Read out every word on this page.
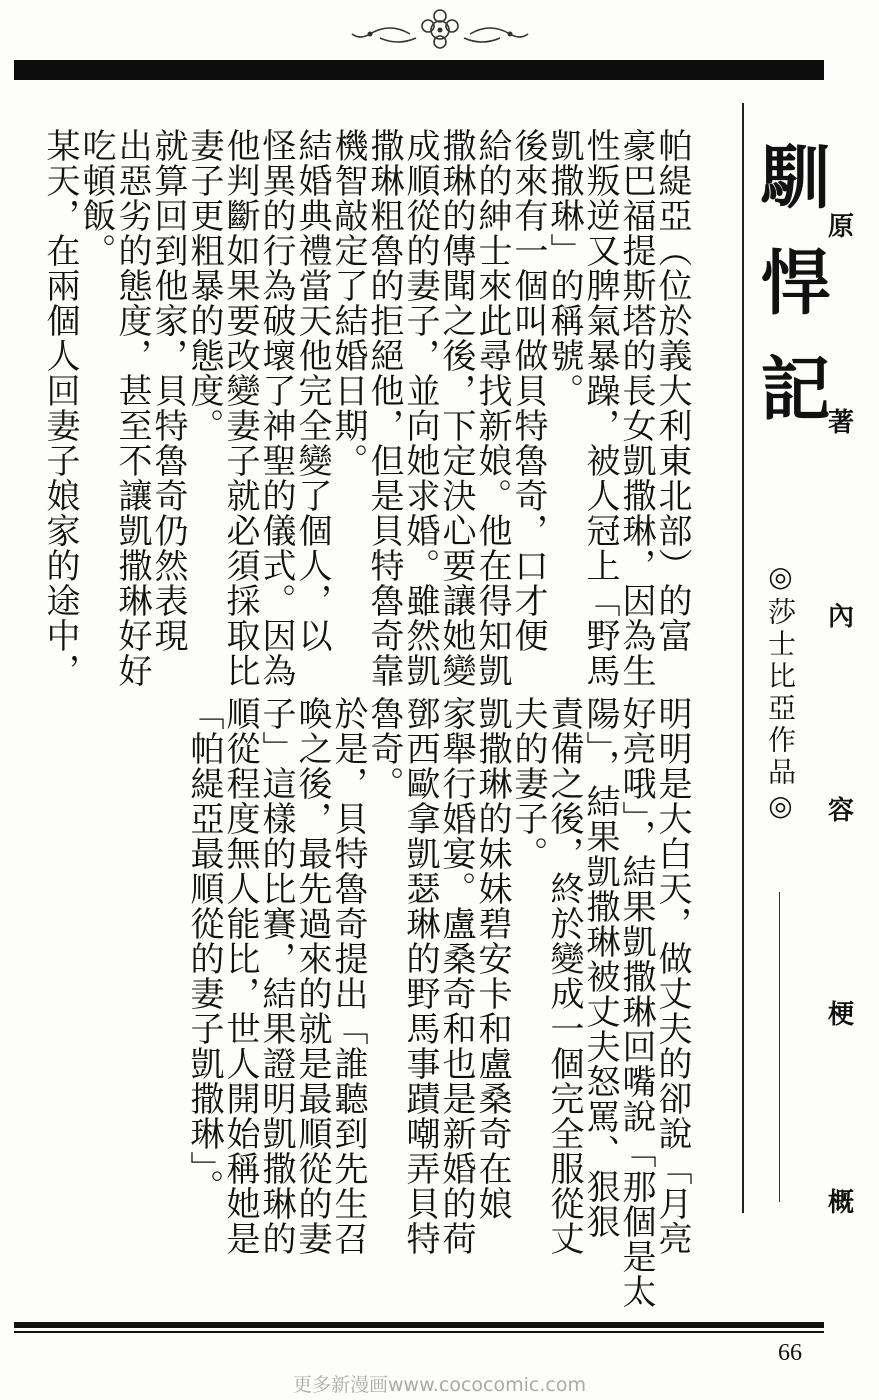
原
著
內
容
梗
概
馴悍記
◎莎士比亞作品◎

帕緹亞（位於義大利東北部）的富

豪巴福提斯塔的長女凱撒琳，因為生

性叛逆又脾氣暴躁，被人冠上「野馬

凱撒琳」的稱號。

後來有一個叫做貝特魯奇，口才便

給的紳士來此尋找新娘。他在得知凱

撒琳的傳聞之後，下定決心要讓她變

成順從的妻子，並向她求婚。雖然凱

撒琳粗魯的拒絕他，但是貝特魯奇靠

機智敲定了結婚日期。

結婚典禮當天他完全變了個人，以

怪異的行為破壞了神聖的儀式。因為

他判斷如果要改變妻子就必須採取比

妻子更粗暴的態度。

就算回到他家，貝特魯奇仍然表現

出惡劣的態度，甚至不讓凱撒琳好好

吃頓飯。

某天，在兩個人回妻子娘家的途中，

明明是大白天，做丈夫的卻說「月亮

好亮哦」，結果凱撒琳回嘴說「那個是太

陽」，結果凱撒琳被丈夫怒罵、狠狠

責備之後，終於變成一個完全服從丈

夫的妻子。

凱撒琳的妹妹碧安卡和盧桑奇在娘

家舉行婚宴。盧桑奇和也是新婚的荷

鄧西歐拿凱瑟琳的野馬事蹟嘲弄貝特

魯奇。

於是，貝特魯奇提出「誰聽到先生召

喚之後，最先過來的就是最順從的妻

子」這樣的比賽，結果證明凱撒琳的

順從程度無人能比，世人開始稱她是

「帕緹亞最順從的妻子凱撒琳」。

66
更多新漫画www.cococomic.com
